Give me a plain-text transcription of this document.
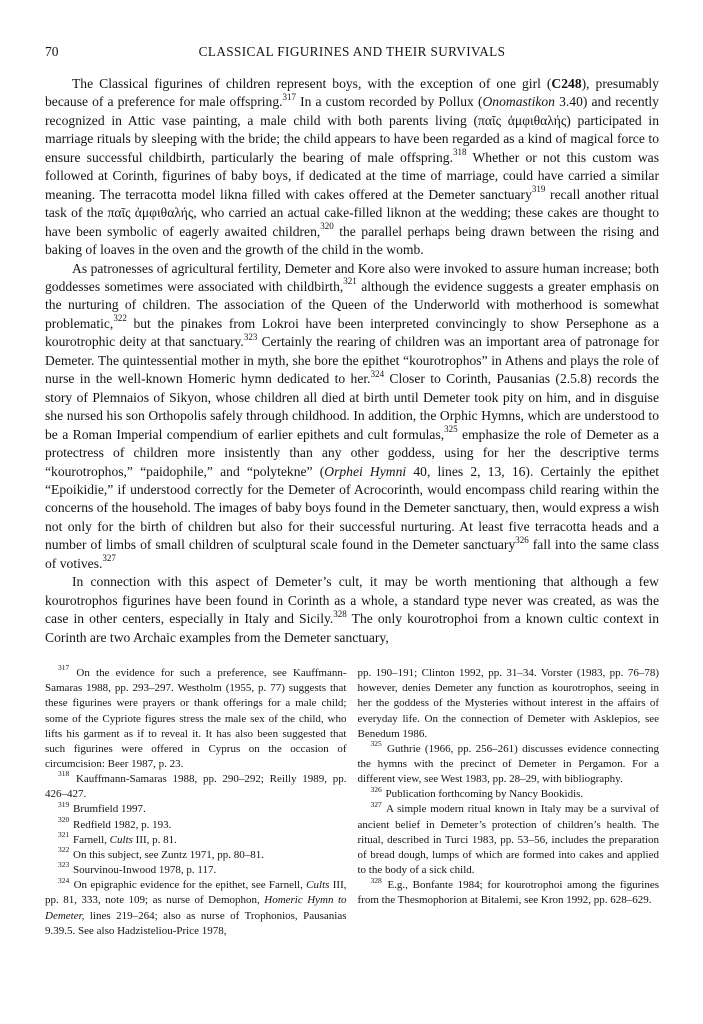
70	CLASSICAL FIGURINES AND THEIR SURVIVALS

The Classical figurines of children represent boys, with the exception of one girl (C248), presumably because of a preference for male offspring.$^{317}$ In a custom recorded by Pollux (Onomastikon 3.40) and recently recognized in Attic vase painting, a male child with both parents living (παῖς ἀμφιθαλής) participated in marriage rituals by sleeping with the bride; the child appears to have been regarded as a kind of magical force to ensure successful childbirth, particularly the bearing of male offspring.$^{318}$ Whether or not this custom was followed at Corinth, figurines of baby boys, if dedicated at the time of marriage, could have carried a similar meaning. The terracotta model likna filled with cakes offered at the Demeter sanctuary$^{319}$ recall another ritual task of the παῖς ἀμφιθαλής, who carried an actual cake-filled liknon at the wedding; these cakes are thought to have been symbolic of eagerly awaited children,$^{320}$ the parallel perhaps being drawn between the rising and baking of loaves in the oven and the growth of the child in the womb.

As patronesses of agricultural fertility, Demeter and Kore also were invoked to assure human increase; both goddesses sometimes were associated with childbirth,$^{321}$ although the evidence suggests a greater emphasis on the nurturing of children. The association of the Queen of the Underworld with motherhood is somewhat problematic,$^{322}$ but the pinakes from Lokroi have been interpreted convincingly to show Persephone as a kourotrophic deity at that sanctuary.$^{323}$ Certainly the rearing of children was an important area of patronage for Demeter. The quintessential mother in myth, she bore the epithet “kourotrophos” in Athens and plays the role of nurse in the well-known Homeric hymn dedicated to her.$^{324}$ Closer to Corinth, Pausanias (2.5.8) records the story of Plemnaios of Sikyon, whose children all died at birth until Demeter took pity on him, and in disguise she nursed his son Orthopolis safely through childhood. In addition, the Orphic Hymns, which are understood to be a Roman Imperial compendium of earlier epithets and cult formulas,$^{325}$ emphasize the role of Demeter as a protectress of children more insistently than any other goddess, using for her the descriptive terms “kourotrophos,” “paidophile,” and “polytekne” (Orphei Hymni 40, lines 2, 13, 16). Certainly the epithet “Epoikidie,” if understood correctly for the Demeter of Acrocorinth, would encompass child rearing within the concerns of the household. The images of baby boys found in the Demeter sanctuary, then, would express a wish not only for the birth of children but also for their successful nurturing. At least five terracotta heads and a number of limbs of small children of sculptural scale found in the Demeter sanctuary$^{326}$ fall into the same class of votives.$^{327}$

In connection with this aspect of Demeter’s cult, it may be worth mentioning that although a few kourotrophos figurines have been found in Corinth as a whole, a standard type never was created, as was the case in other centers, especially in Italy and Sicily.$^{328}$ The only kourotrophoi from a known cultic context in Corinth are two Archaic examples from the Demeter sanctuary,

$^{317}$ On the evidence for such a preference, see Kauffmann-Samaras 1988, pp. 293–297. Westholm (1955, p. 77) suggests that these figurines were prayers or thank offerings for a male child; some of the Cypriote figures stress the male sex of the child, who lifts his garment as if to reveal it. It has also been suggested that such figurines were offered in Cyprus on the occasion of circumcision: Beer 1987, p. 23.

$^{318}$ Kauffmann-Samaras 1988, pp. 290–292; Reilly 1989, pp. 426–427.

$^{319}$ Brumfield 1997.

$^{320}$ Redfield 1982, p. 193.

$^{321}$ Farnell, Cults III, p. 81.

$^{322}$ On this subject, see Zuntz 1971, pp. 80–81.

$^{323}$ Sourvinou-Inwood 1978, p. 117.

$^{324}$ On epigraphic evidence for the epithet, see Farnell, Cults III, pp. 81, 333, note 109; as nurse of Demophon, Homeric Hymn to Demeter, lines 219–264; also as nurse of Trophonios, Pausanias 9.39.5. See also Hadzisteliou-Price 1978,

pp. 190–191; Clinton 1992, pp. 31–34. Vorster (1983, pp. 76–78) however, denies Demeter any function as kourotrophos, seeing in her the goddess of the Mysteries without interest in the affairs of everyday life. On the connection of Demeter with Asklepios, see Benedum 1986.

$^{325}$ Guthrie (1966, pp. 256–261) discusses evidence connecting the hymns with the precinct of Demeter in Pergamon. For a different view, see West 1983, pp. 28–29, with bibliography.

$^{326}$ Publication forthcoming by Nancy Bookidis.

$^{327}$ A simple modern ritual known in Italy may be a survival of ancient belief in Demeter’s protection of children’s health. The ritual, described in Turci 1983, pp. 53–56, includes the preparation of bread dough, lumps of which are formed into cakes and applied to the body of a sick child.

$^{328}$ E.g., Bonfante 1984; for kourotrophoi among the figurines from the Thesmophorion at Bitalemi, see Kron 1992, pp. 628–629.
